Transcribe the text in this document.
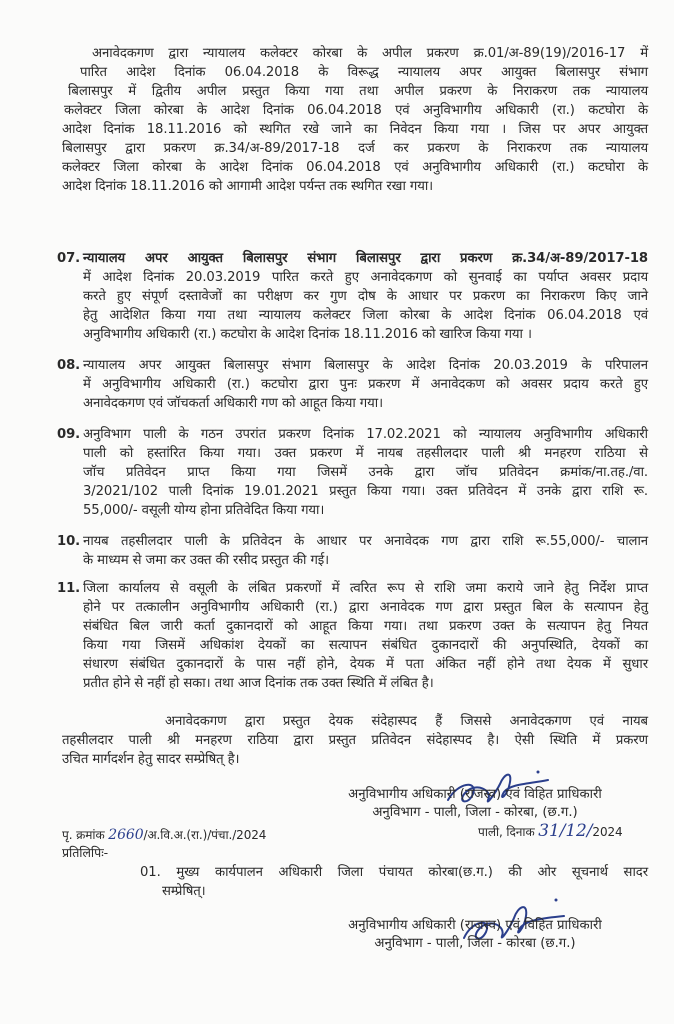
अनावेदकगण द्वारा न्यायालय कलेक्टर कोरबा के अपील प्रकरण क्र.01/अ-89(19)/2016-17 में
पारित आदेश दिनांक 06.04.2018 के विरूद्ध न्यायालय अपर आयुक्त बिलासपुर संभाग
बिलासपुर में द्वितीय अपील प्रस्तुत किया गया तथा अपील प्रकरण के निराकरण तक न्यायालय
कलेक्टर जिला कोरबा के आदेश दिनांक 06.04.2018 एवं अनुविभागीय अधिकारी (रा.) कटघोरा के
आदेश दिनांक 18.11.2016 को स्थगित रखे जाने का निवेदन किया गया । जिस पर अपर आयुक्त
बिलासपुर द्वारा प्रकरण क्र.34/अ-89/2017-18 दर्ज कर प्रकरण के निराकरण तक न्यायालय
कलेक्टर जिला कोरबा के आदेश दिनांक 06.04.2018 एवं अनुविभागीय अधिकारी (रा.) कटघोरा के
आदेश दिनांक 18.11.2016 को आगामी आदेश पर्यन्त तक स्थगित रखा गया।
07. न्यायालय अपर आयुक्त बिलासपुर संभाग बिलासपुर द्वारा प्रकरण क्र.34/अ-89/2017-18
में आदेश दिनांक 20.03.2019 पारित करते हुए अनावेदकगण को सुनवाई का पर्याप्त अवसर प्रदाय
करते हुए संपूर्ण दस्तावेजों का परीक्षण कर गुण दोष के आधार पर प्रकरण का निराकरण किए जाने
हेतु आदेशित किया गया तथा न्यायालय कलेक्टर जिला कोरबा के आदेश दिनांक 06.04.2018 एवं
अनुविभागीय अधिकारी (रा.) कटघोरा के आदेश दिनांक 18.11.2016 को खारिज किया गया ।
08. न्यायालय अपर आयुक्त बिलासपुर संभाग बिलासपुर के आदेश दिनांक 20.03.2019 के परिपालन
में अनुविभागीय अधिकारी (रा.) कटघोरा द्वारा पुनः प्रकरण में अनावेदकण को अवसर प्रदाय करते हुए
अनावेदकगण एवं जॉचकर्ता अधिकारी गण को आहूत किया गया।
09. अनुविभाग पाली के गठन उपरांत प्रकरण दिनांक 17.02.2021 को न्यायालय अनुविभागीय अधिकारी
पाली को हस्तांरित किया गया। उक्त प्रकरण में नायब तहसीलदार पाली श्री मनहरण राठिया से
जॉच प्रतिवेदन प्राप्त किया गया जिसमें उनके द्वारा जॉच प्रतिवेदन क्रमांक/ना.तह./वा.
3/2021/102 पाली दिनांक 19.01.2021 प्रस्तुत किया गया। उक्त प्रतिवेदन में उनके द्वारा राशि रू.
55,000/- वसूली योग्य होना प्रतिवेदित किया गया।
10. नायब तहसीलदार पाली के प्रतिवेदन के आधार पर अनावेदक गण द्वारा राशि रू.55,000/- चालान
के माध्यम से जमा कर उक्त की रसीद प्रस्तुत की गई।
11. जिला कार्यालय से वसूली के लंबित प्रकरणों में त्वरित रूप से राशि जमा कराये जाने हेतु निर्देश प्राप्त
होने पर तत्कालीन अनुविभागीय अधिकारी (रा.) द्वारा अनावेदक गण द्वारा प्रस्तुत बिल के सत्यापन हेतु
संबंधित बिल जारी कर्ता दुकानदारों को आहूत किया गया। तथा प्रकरण उक्त के सत्यापन हेतु नियत
किया गया जिसमें अधिकांश देयकों का सत्यापन संबंधित दुकानदारों की अनुपस्थिति, देयकों का
संधारण संबंधित दुकानदारों के पास नहीं होने, देयक में पता अंकित नहीं होने तथा देयक में सुधार
प्रतीत होने से नहीं हो सका। तथा आज दिनांक तक उक्त स्थिति में लंबित है।
अनावेदकगण द्वारा प्रस्तुत देयक संदेहास्पद हैं जिससे अनावेदकगण एवं नायब
तहसीलदार पाली श्री मनहरण राठिया द्वारा प्रस्तुत प्रतिवेदन संदेहास्पद है। ऐसी स्थिति में प्रकरण
उचित मार्गदर्शन हेतु सादर सम्प्रेषित् है।
अनुविभागीय अधिकारी (राजस्व) एवं विहित प्राधिकारी
अनुविभाग - पाली, जिला - कोरबा, (छ.ग.)
पृ. क्रमांक 2660/अ.वि.अ.(रा.)/पंचा./2024	पाली, दिनाक 31/12/2024
प्रतिलिपिः-
01. मुख्य कार्यपालन अधिकारी जिला पंचायत कोरबा(छ.ग.) की ओर सूचनार्थ सादर
सम्प्रेषित्।
अनुविभागीय अधिकारी (राजस्व) एवं विहित प्राधिकारी
अनुविभाग - पाली, जिला - कोरबा (छ.ग.)
